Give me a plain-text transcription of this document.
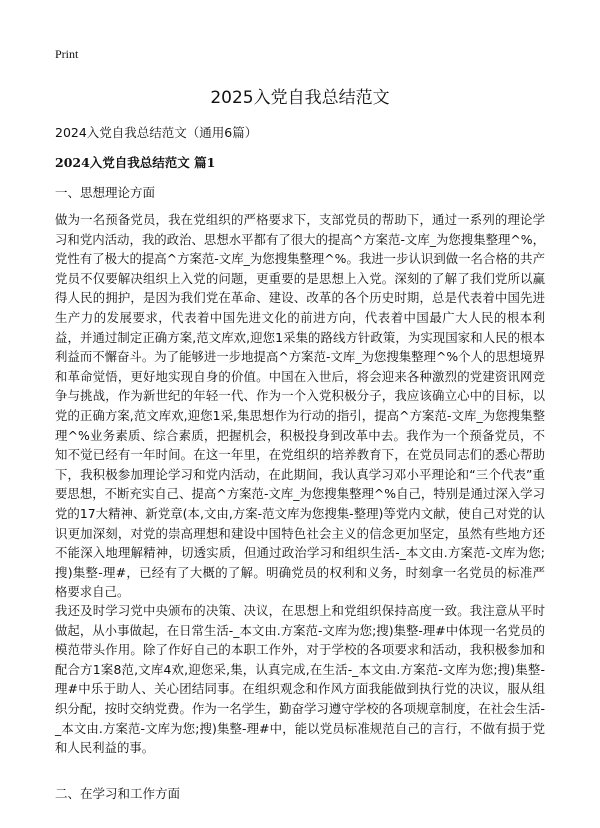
Print
2025入党自我总结范文
2024入党自我总结范文（通用6篇）
2024入党自我总结范文 篇1
一、思想理论方面

做为一名预备党员，我在党组织的严格要求下，支部党员的帮助下，通过一系列的理论学习和党内活动，我的政治、思想水平都有了很大的提高^方案范-文库_为您搜集整理^%，党性有了极大的提高^方案范-文库_为您搜集整理^%。我进一步认识到做一名合格的共产党员不仅要解决组织上入党的问题，更重要的是思想上入党。深刻的了解了我们党所以赢得人民的拥护，是因为我们党在革命、建设、改革的各个历史时期，总是代表着中国先进生产力的发展要求，代表着中国先进文化的前进方向，代表着中国最广大人民的根本利益，并通过制定正确方案,范文库欢,迎您1采集的路线方针政策，为实现国家和人民的根本利益而不懈奋斗。为了能够进一步地提高^方案范-文库_为您搜集整理^%个人的思想境界和革命觉悟，更好地实现自身的价值。中国在入世后，将会迎来各种激烈的党建资讯网竞争与挑战，作为新世纪的年轻一代、作为一个入党积极分子，我应该确立心中的目标，以党的正确方案,范文库欢,迎您1采,集思想作为行动的指引，提高^方案范-文库_为您搜集整理^%业务素质、综合素质，把握机会，积极投身到改革中去。我作为一个预备党员，不知不觉已经有一年时间。在这一年里，在党组织的培养教育下，在党员同志们的悉心帮助下，我积极参加理论学习和党内活动，在此期间，我认真学习邓小平理论和“三个代表”重要思想，不断充实自己、提高^方案范-文库_为您搜集整理^%自己，特别是通过深入学习党的17大精神、新党章(本,文由,方案-范文库为您搜集-整理)等党内文献，使自己对党的认识更加深刻，对党的崇高理想和建设中国特色社会主义的信念更加坚定，虽然有些地方还不能深入地理解精神，切透实质，但通过政治学习和组织生活-_本文由.方案范-文库为您;搜)集整-理#，已经有了大概的了解。明确党员的权利和义务，时刻拿一名党员的标准严格要求自己。

我还及时学习党中央颁布的决策、决议，在思想上和党组织保持高度一致。我注意从平时做起，从小事做起，在日常生活-_本文由.方案范-文库为您;搜)集整-理#中体现一名党员的模范带头作用。除了作好自己的本职工作外，对于学校的各项要求和活动，我积极参加和配合方1案8范,文库4欢,迎您采,集，认真完成,在生活-_本文由.方案范-文库为您;搜)集整-理#中乐于助人、关心团结同事。在组织观念和作风方面我能做到执行党的决议，服从组织分配，按时交纳党费。作为一名学生，勤奋学习遵守学校的各项规章制度，在社会生活-_本文由.方案范-文库为您;搜)集整-理#中，能以党员标准规范自己的言行，不做有损于党和人民利益的事。

二、在学习和工作方面
